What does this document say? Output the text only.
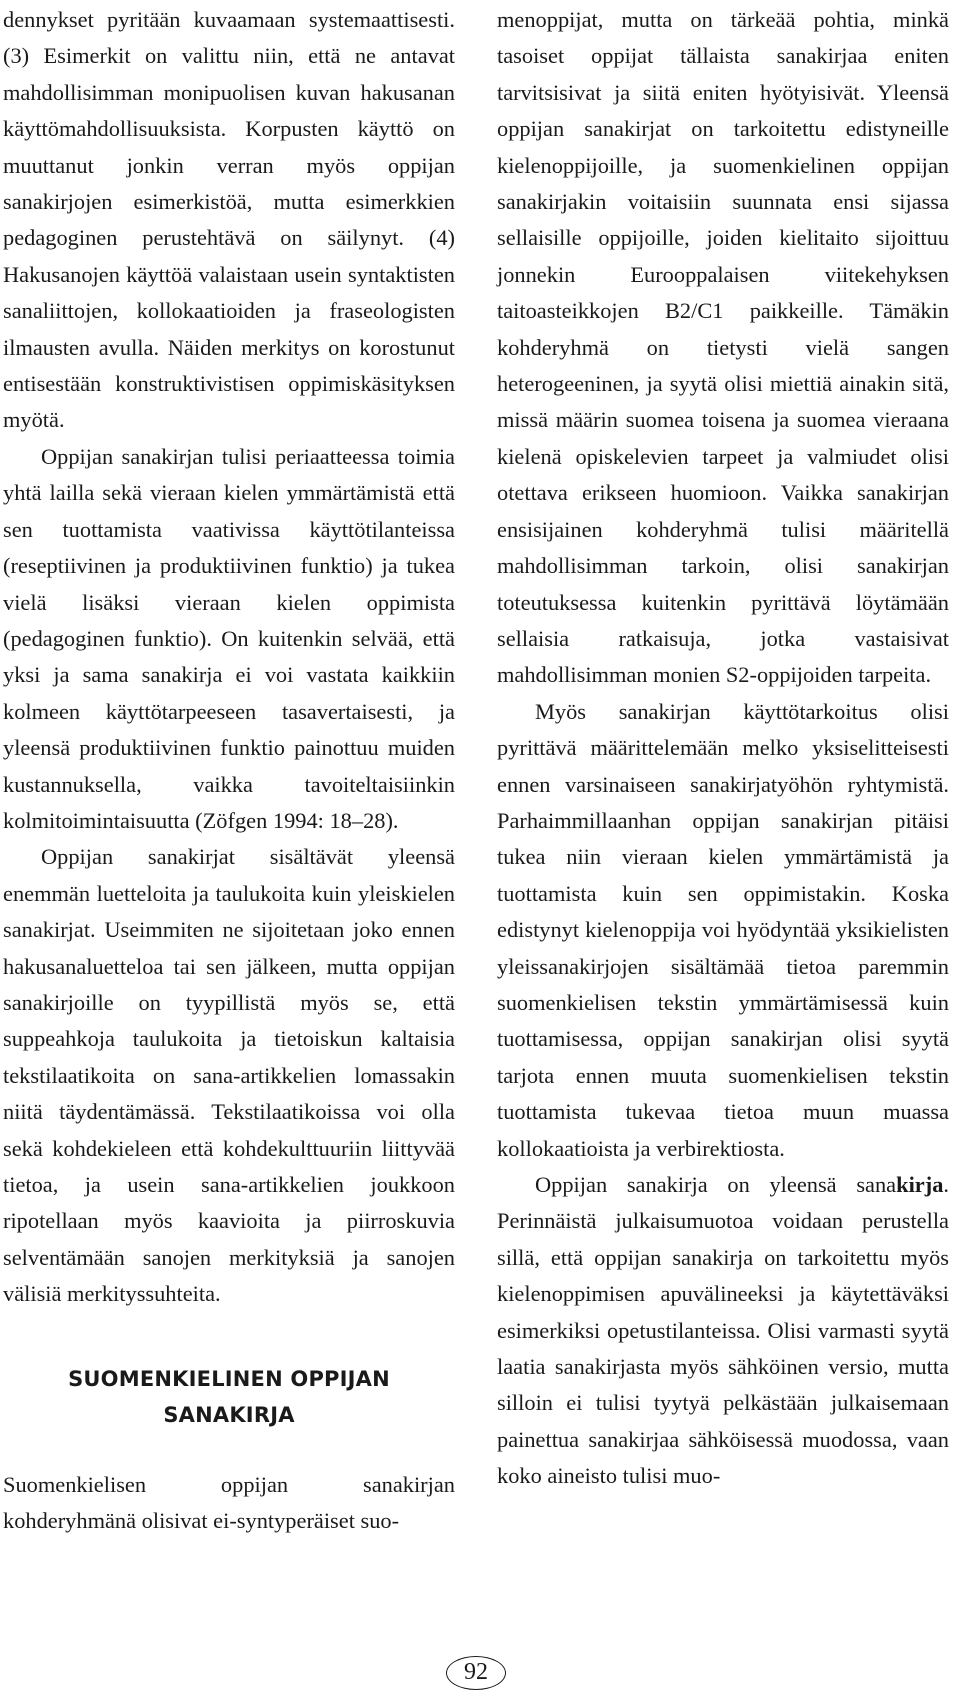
dennykset pyritään kuvaamaan systemaattisesti. (3) Esimerkit on valittu niin, että ne antavat mahdollisimman monipuolisen kuvan hakusanan käyttömahdollisuuksista. Korpusten käyttö on muuttanut jonkin verran myös oppijan sanakirjojen esimerkistöä, mutta esimerkkien pedagoginen perustehtävä on säilynyt. (4) Hakusanojen käyttöä valaistaan usein syntaktisten sanaliittojen, kollokaatioiden ja fraseologisten ilmausten avulla. Näiden merkitys on korostunut entisestään konstruktivistisen oppimiskäsityksen myötä.

Oppijan sanakirjan tulisi periaatteessa toimia yhtä lailla sekä vieraan kielen ymmärtämistä että sen tuottamista vaativissa käyttötilanteissa (reseptiivinen ja produktiivinen funktio) ja tukea vielä lisäksi vieraan kielen oppimista (pedagoginen funktio). On kuitenkin selvää, että yksi ja sama sanakirja ei voi vastata kaikkiin kolmeen käyttötarpeeseen tasavertaisesti, ja yleensä produktiivinen funktio painottuu muiden kustannuksella, vaikka tavoiteltaisiinkin kolmitoimintaisuutta (Zöfgen 1994: 18–28).

Oppijan sanakirjat sisältävät yleensä enemmän luetteloita ja taulukoita kuin yleiskielen sanakirjat. Useimmiten ne sijoitetaan joko ennen hakusanaluetteloa tai sen jälkeen, mutta oppijan sanakirjoille on tyypillistä myös se, että suppeahkoja taulukoita ja tietoiskun kaltaisia tekstilaatikoita on sana-artikkelien lomassakin niitä täydentämässä. Tekstilaatikoissa voi olla sekä kohdekieleen että kohdekulttuuriin liittyvää tietoa, ja usein sana-artikkelien joukkoon ripotellaan myös kaavioita ja piirroskuvia selventämään sanojen merkityksiä ja sanojen välisiä merkityssuhteita.

SUOMENKIELINEN OPPIJAN
SANAKIRJA

Suomenkielisen oppijan sanakirjan kohderyhmänä olisivat ei-syntyperäiset suo-

menoppijat, mutta on tärkeää pohtia, minkä tasoiset oppijat tällaista sanakirjaa eniten tarvitsisivat ja siitä eniten hyötyisivät. Yleensä oppijan sanakirjat on tarkoitettu edistyneille kielenoppijoille, ja suomenkielinen oppijan sanakirjakin voitaisiin suunnata ensi sijassa sellaisille oppijoille, joiden kielitaito sijoittuu jonnekin Eurooppalaisen viitekehyksen taitoasteikkojen B2/C1 paikkeille. Tämäkin kohderyhmä on tietysti vielä sangen heterogeeninen, ja syytä olisi miettiä ainakin sitä, missä määrin suomea toisena ja suomea vieraana kielenä opiskelevien tarpeet ja valmiudet olisi otettava erikseen huomioon. Vaikka sanakirjan ensisijainen kohderyhmä tulisi määritellä mahdollisimman tarkoin, olisi sanakirjan toteutuksessa kuitenkin pyrittävä löytämään sellaisia ratkaisuja, jotka vastaisivat mahdollisimman monien S2-oppijoiden tarpeita.

Myös sanakirjan käyttötarkoitus olisi pyrittävä määrittelemään melko yksiselitteisesti ennen varsinaiseen sanakirjatyöhön ryhtymistä. Parhaimmillaanhan oppijan sanakirjan pitäisi tukea niin vieraan kielen ymmärtämistä ja tuottamista kuin sen oppimistakin. Koska edistynyt kielenoppija voi hyödyntää yksikielisten yleissanakirjojen sisältämää tietoa paremmin suomenkielisen tekstin ymmärtämisessä kuin tuottamisessa, oppijan sanakirjan olisi syytä tarjota ennen muuta suomenkielisen tekstin tuottamista tukevaa tietoa muun muassa kollokaatioista ja verbirektiosta.

Oppijan sanakirja on yleensä sanakirja. Perinnäistä julkaisumuotoa voidaan perustella sillä, että oppijan sanakirja on tarkoitettu myös kielenoppimisen apuvälineeksi ja käytettäväksi esimerkiksi opetustilanteissa. Olisi varmasti syytä laatia sanakirjasta myös sähköinen versio, mutta silloin ei tulisi tyytyä pelkästään julkaisemaan painettua sanakirjaa sähköisessä muodossa, vaan koko aineisto tulisi muo-

92
